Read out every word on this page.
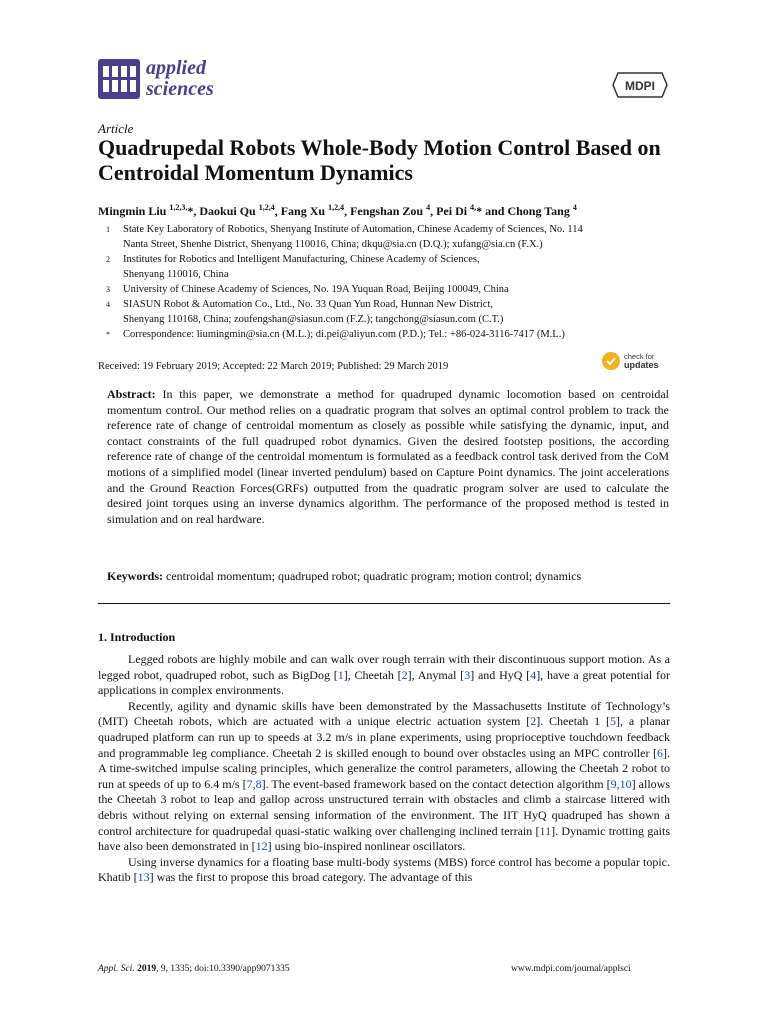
applied
sciences	MDPI
Article
Quadrupedal Robots Whole-Body Motion Control Based on Centroidal Momentum Dynamics
Mingmin Liu $^{1,2,3,}$*, Daokui Qu $^{1,2,4}$, Fang Xu $^{1,2,4}$, Fengshan Zou $^4$, Pei Di $^{4,}$* and Chong Tang $^4$
1	State Key Laboratory of Robotics, Shenyang Institute of Automation, Chinese Academy of Sciences, No. 114
Nanta Street, Shenhe District, Shenyang 110016, China; dkqu@sia.cn (D.Q.); xufang@sia.cn (F.X.)
2	Institutes for Robotics and Intelligent Manufacturing, Chinese Academy of Sciences,
Shenyang 110016, China
3	University of Chinese Academy of Sciences, No. 19A Yuquan Road, Beijing 100049, China
4	SIASUN Robot & Automation Co., Ltd., No. 33 Quan Yun Road, Hunnan New District,
Shenyang 110168, China; zoufengshan@siasun.com (F.Z.); tangchong@siasun.com (C.T.)
*	Correspondence: liumingmin@sia.cn (M.L.); di.pei@aliyun.com (P.D.); Tel.: +86-024-3116-7417 (M.L.)
Received: 19 February 2019; Accepted: 22 March 2019; Published: 29 March 2019
check for
updates
Abstract: In this paper, we demonstrate a method for quadruped dynamic locomotion based on centroidal momentum control. Our method relies on a quadratic program that solves an optimal control problem to track the reference rate of change of centroidal momentum as closely as possible while satisfying the dynamic, input, and contact constraints of the full quadruped robot dynamics. Given the desired footstep positions, the according reference rate of change of the centroidal momentum is formulated as a feedback control task derived from the CoM motions of a simplified model (linear inverted pendulum) based on Capture Point dynamics. The joint accelerations and the Ground Reaction Forces(GRFs) outputted from the quadratic program solver are used to calculate the desired joint torques using an inverse dynamics algorithm. The performance of the proposed method is tested in simulation and on real hardware.
Keywords: centroidal momentum; quadruped robot; quadratic program; motion control; dynamics
1. Introduction

Legged robots are highly mobile and can walk over rough terrain with their discontinuous support motion. As a legged robot, quadruped robot, such as BigDog [1], Cheetah [2], Anymal [3] and HyQ [4], have a great potential for applications in complex environments.

Recently, agility and dynamic skills have been demonstrated by the Massachusetts Institute of Technology’s (MIT) Cheetah robots, which are actuated with a unique electric actuation system [2]. Cheetah 1 [5], a planar quadruped platform can run up to speeds at 3.2 m/s in plane experiments, using proprioceptive touchdown feedback and programmable leg compliance. Cheetah 2 is skilled enough to bound over obstacles using an MPC controller [6]. A time-switched impulse scaling principles, which generalize the control parameters, allowing the Cheetah 2 robot to run at speeds of up to 6.4 m/s [7,8]. The event-based framework based on the contact detection algorithm [9,10] allows the Cheetah 3 robot to leap and gallop across unstructured terrain with obstacles and climb a staircase littered with debris without relying on external sensing information of the environment. The IIT HyQ quadruped has shown a control architecture for quadrupedal quasi-static walking over challenging inclined terrain [11]. Dynamic trotting gaits have also been demonstrated in [12] using bio-inspired nonlinear oscillators.

Using inverse dynamics for a floating base multi-body systems (MBS) force control has become a popular topic. Khatib [13] was the first to propose this broad category. The advantage of this

Appl. Sci. 2019, 9, 1335; doi:10.3390/app9071335	www.mdpi.com/journal/applsci
